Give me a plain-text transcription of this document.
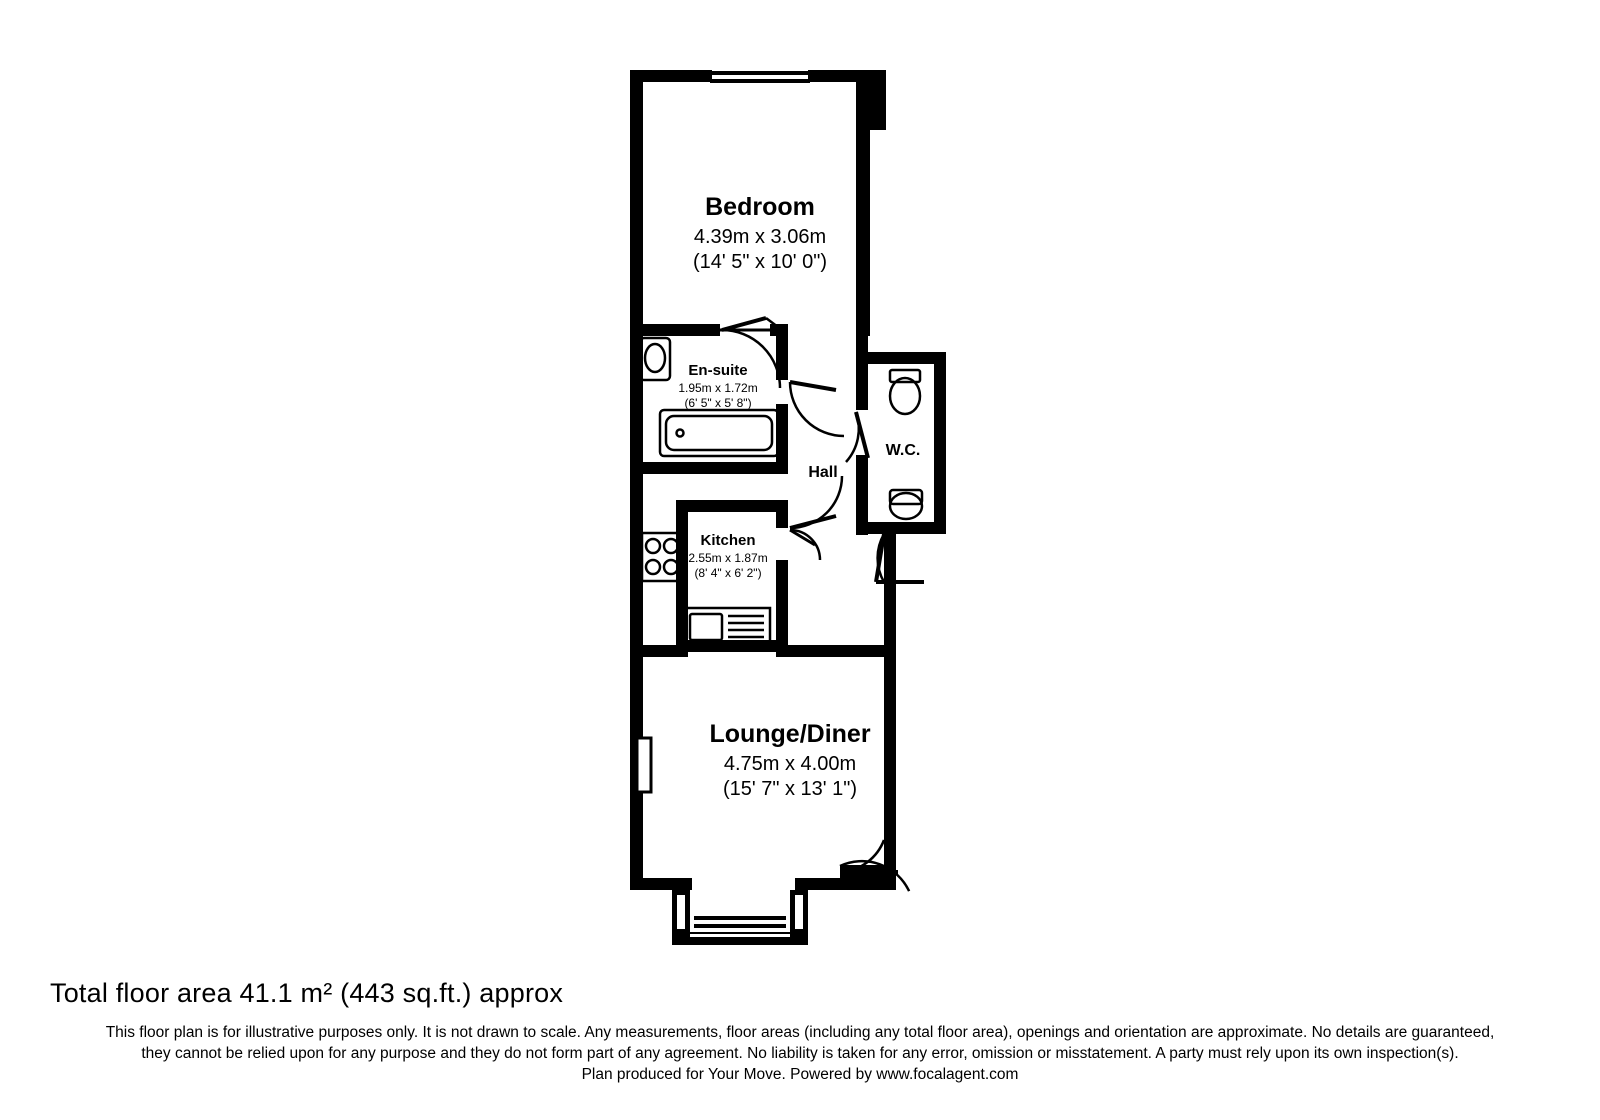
Bedroom
4.39m x 3.06m
(14' 5" x 10' 0")
En-suite
1.95m x 1.72m
(6' 5" x 5' 8")
W.C.
Hall
Kitchen
2.55m x 1.87m
(8' 4" x 6' 2")
Lounge/Diner
4.75m x 4.00m
(15' 7" x 13' 1")
Total floor area 41.1 m² (443 sq.ft.) approx
This floor plan is for illustrative purposes only. It is not drawn to scale. Any measurements, floor areas (including any total floor area), openings and orientation are approximate. No details are guaranteed,
they cannot be relied upon for any purpose and they do not form part of any agreement. No liability is taken for any error, omission or misstatement. A party must rely upon its own inspection(s).
Plan produced for Your Move. Powered by www.focalagent.com
